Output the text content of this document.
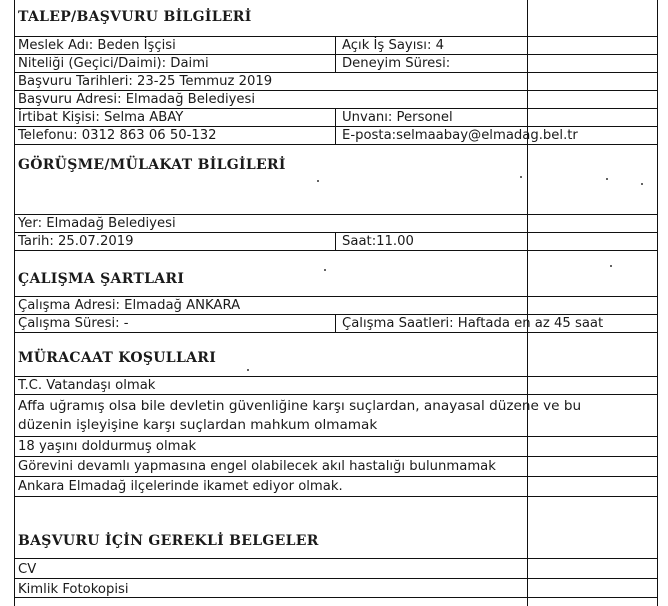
TALEP/BAŞVURU BİLGİLERİ
Meslek Adı: Beden İşçisi	Açık İş Sayısı: 4
Niteliği (Geçici/Daimi): Daimi	Deneyim Süresi:
Başvuru Tarihleri: 23-25 Temmuz 2019
Başvuru Adresi: Elmadağ Belediyesi
İrtibat Kişisi: Selma ABAY	Unvanı: Personel
Telefonu: 0312 863 06 50-132	E-posta:selmaabay@elmadag.bel.tr
GÖRÜŞME/MÜLAKAT BİLGİLERİ
Yer: Elmadağ Belediyesi
Tarih: 25.07.2019	Saat:11.00
ÇALIŞMA ŞARTLARI
Çalışma Adresi: Elmadağ ANKARA
Çalışma Süresi: -	Çalışma Saatleri: Haftada en az 45 saat
MÜRACAAT KOŞULLARI
T.C. Vatandaşı olmak
Affa uğramış olsa bile devletin güvenliğine karşı suçlardan, anayasal düzene ve bu
düzenin işleyişine karşı suçlardan mahkum olmamak
18 yaşını doldurmuş olmak
Görevini devamlı yapmasına engel olabilecek akıl hastalığı bulunmamak
Ankara Elmadağ ilçelerinde ikamet ediyor olmak.
BAŞVURU İÇİN GEREKLİ BELGELER
CV
Kimlik Fotokopisi
